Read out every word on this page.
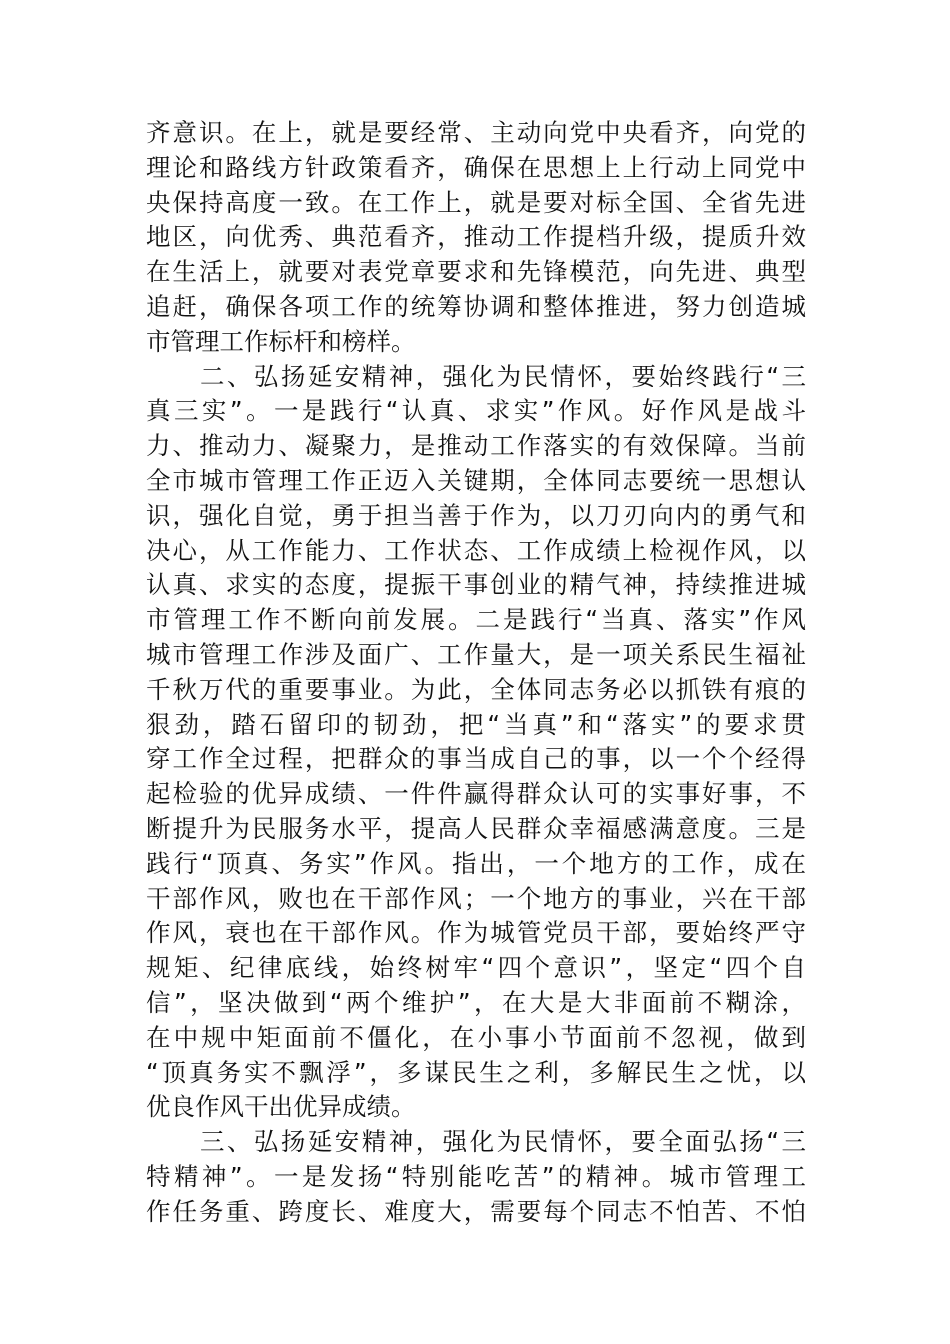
齐意识。在上，就是要经常、主动向党中央看齐，向党的
理论和路线方针政策看齐，确保在思想上上行动上同党中
央保持高度一致。在工作上，就是要对标全国、全省先进
地区，向优秀、典范看齐，推动工作提档升级，提质升效
在生活上，就要对表党章要求和先锋模范，向先进、典型
追赶，确保各项工作的统筹协调和整体推进，努力创造城
市管理工作标杆和榜样。
　　二、弘扬延安精神，强化为民情怀，要始终践行“三
真三实”。一是践行“认真、求实”作风。好作风是战斗
力、推动力、凝聚力，是推动工作落实的有效保障。当前
全市城市管理工作正迈入关键期，全体同志要统一思想认
识，强化自觉，勇于担当善于作为，以刀刃向内的勇气和
决心，从工作能力、工作状态、工作成绩上检视作风，以
认真、求实的态度，提振干事创业的精气神，持续推进城
市管理工作不断向前发展。二是践行“当真、落实”作风
城市管理工作涉及面广、工作量大，是一项关系民生福祉
千秋万代的重要事业。为此，全体同志务必以抓铁有痕的
狠劲，踏石留印的韧劲，把“当真”和“落实”的要求贯
穿工作全过程，把群众的事当成自己的事，以一个个经得
起检验的优异成绩、一件件赢得群众认可的实事好事，不
断提升为民服务水平，提高人民群众幸福感满意度。三是
践行“顶真、务实”作风。指出，一个地方的工作，成在
干部作风，败也在干部作风；一个地方的事业，兴在干部
作风，衰也在干部作风。作为城管党员干部，要始终严守
规矩、纪律底线，始终树牢“四个意识”，坚定“四个自
信”，坚决做到“两个维护”，在大是大非面前不糊涂，
在中规中矩面前不僵化，在小事小节面前不忽视，做到
“顶真务实不飘浮”，多谋民生之利，多解民生之忧，以
优良作风干出优异成绩。
　　三、弘扬延安精神，强化为民情怀，要全面弘扬“三
特精神”。一是发扬“特别能吃苦”的精神。城市管理工
作任务重、跨度长、难度大，需要每个同志不怕苦、不怕
